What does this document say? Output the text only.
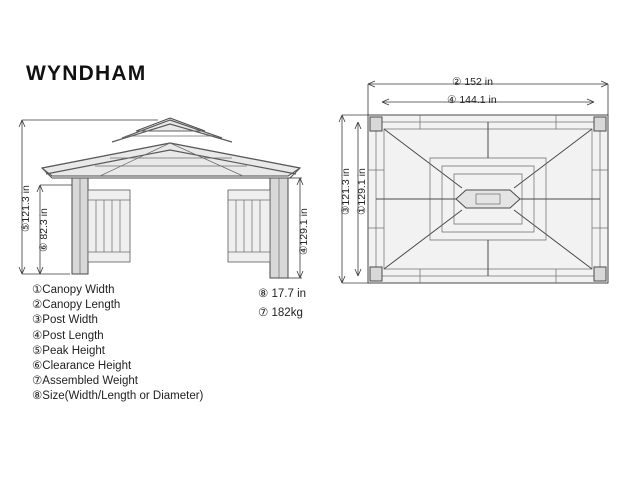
WYNDHAM
⑤121.3 in ⑥ 82.3 in	④129.1 in
② 152 in
④ 144.1 in
③121.3 in ①129.1 in
①Canopy Width
②Canopy Length
③Post Width
④Post Length
⑤Peak Height
⑥Clearance Height
⑦Assembled Weight
⑧Size(Width/Length or Diameter)
⑧ 17.7 in
⑦ 182kg
